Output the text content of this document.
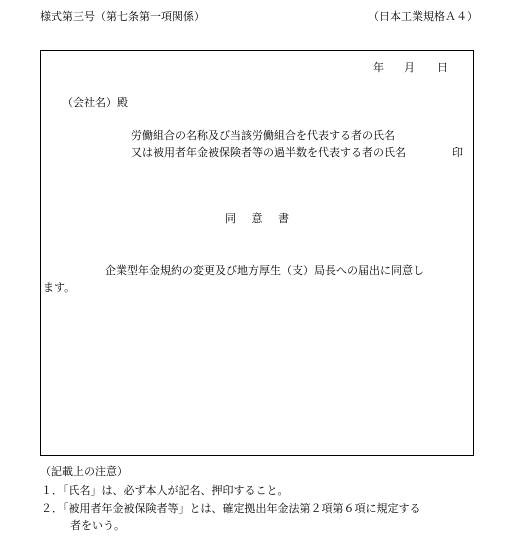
様式第三号（第七条第一項関係）	（日本工業規格Ａ４）
年 月 日
（会社名）殿
労働組合の名称及び当該労働組合を代表する者の氏名
又は被用者年金被保険者等の過半数を代表する者の氏名	印
同 意 書
企業型年金規約の変更及び地方厚生（支）局長への届出に同意し
ます。
（記載上の注意）
１．「氏名」は、必ず本人が記名、押印すること。
２．「被用者年金被保険者等」とは、確定拠出年金法第２項第６項に規定する
者をいう。
